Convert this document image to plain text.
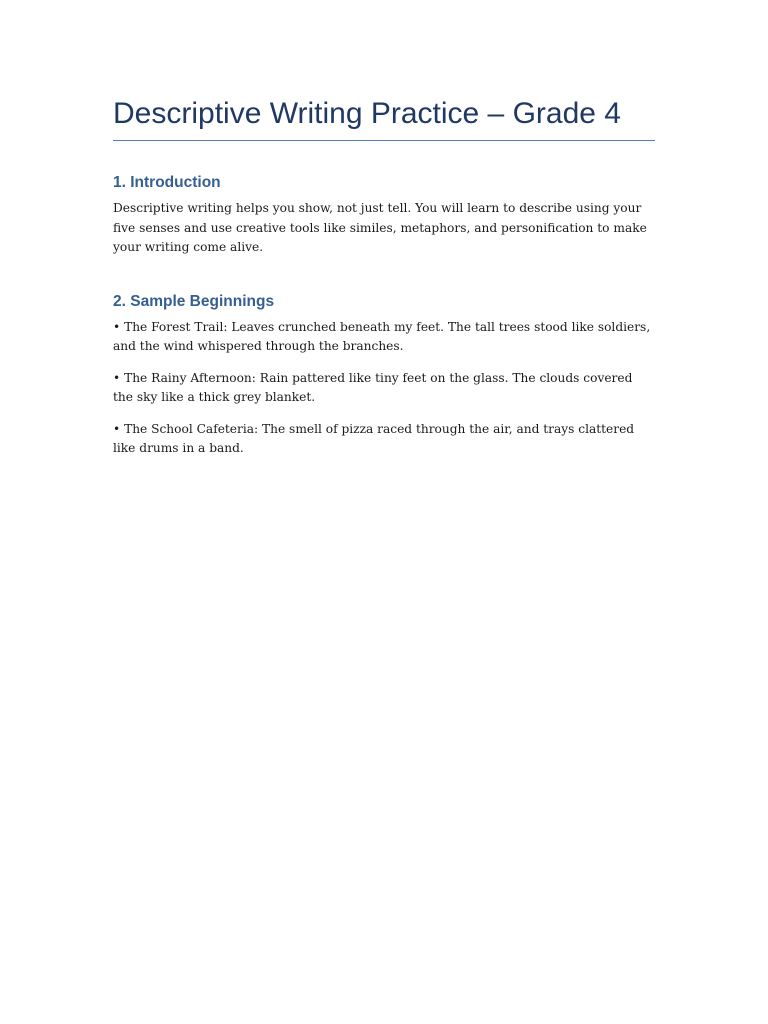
Descriptive Writing Practice – Grade 4
1. Introduction

Descriptive writing helps you show, not just tell. You will learn to describe using your five senses and use creative tools like similes, metaphors, and personification to make your writing come alive.

2. Sample Beginnings

• The Forest Trail: Leaves crunched beneath my feet. The tall trees stood like soldiers, and the wind whispered through the branches.

• The Rainy Afternoon: Rain pattered like tiny feet on the glass. The clouds covered the sky like a thick grey blanket.

• The School Cafeteria: The smell of pizza raced through the air, and trays clattered like drums in a band.
